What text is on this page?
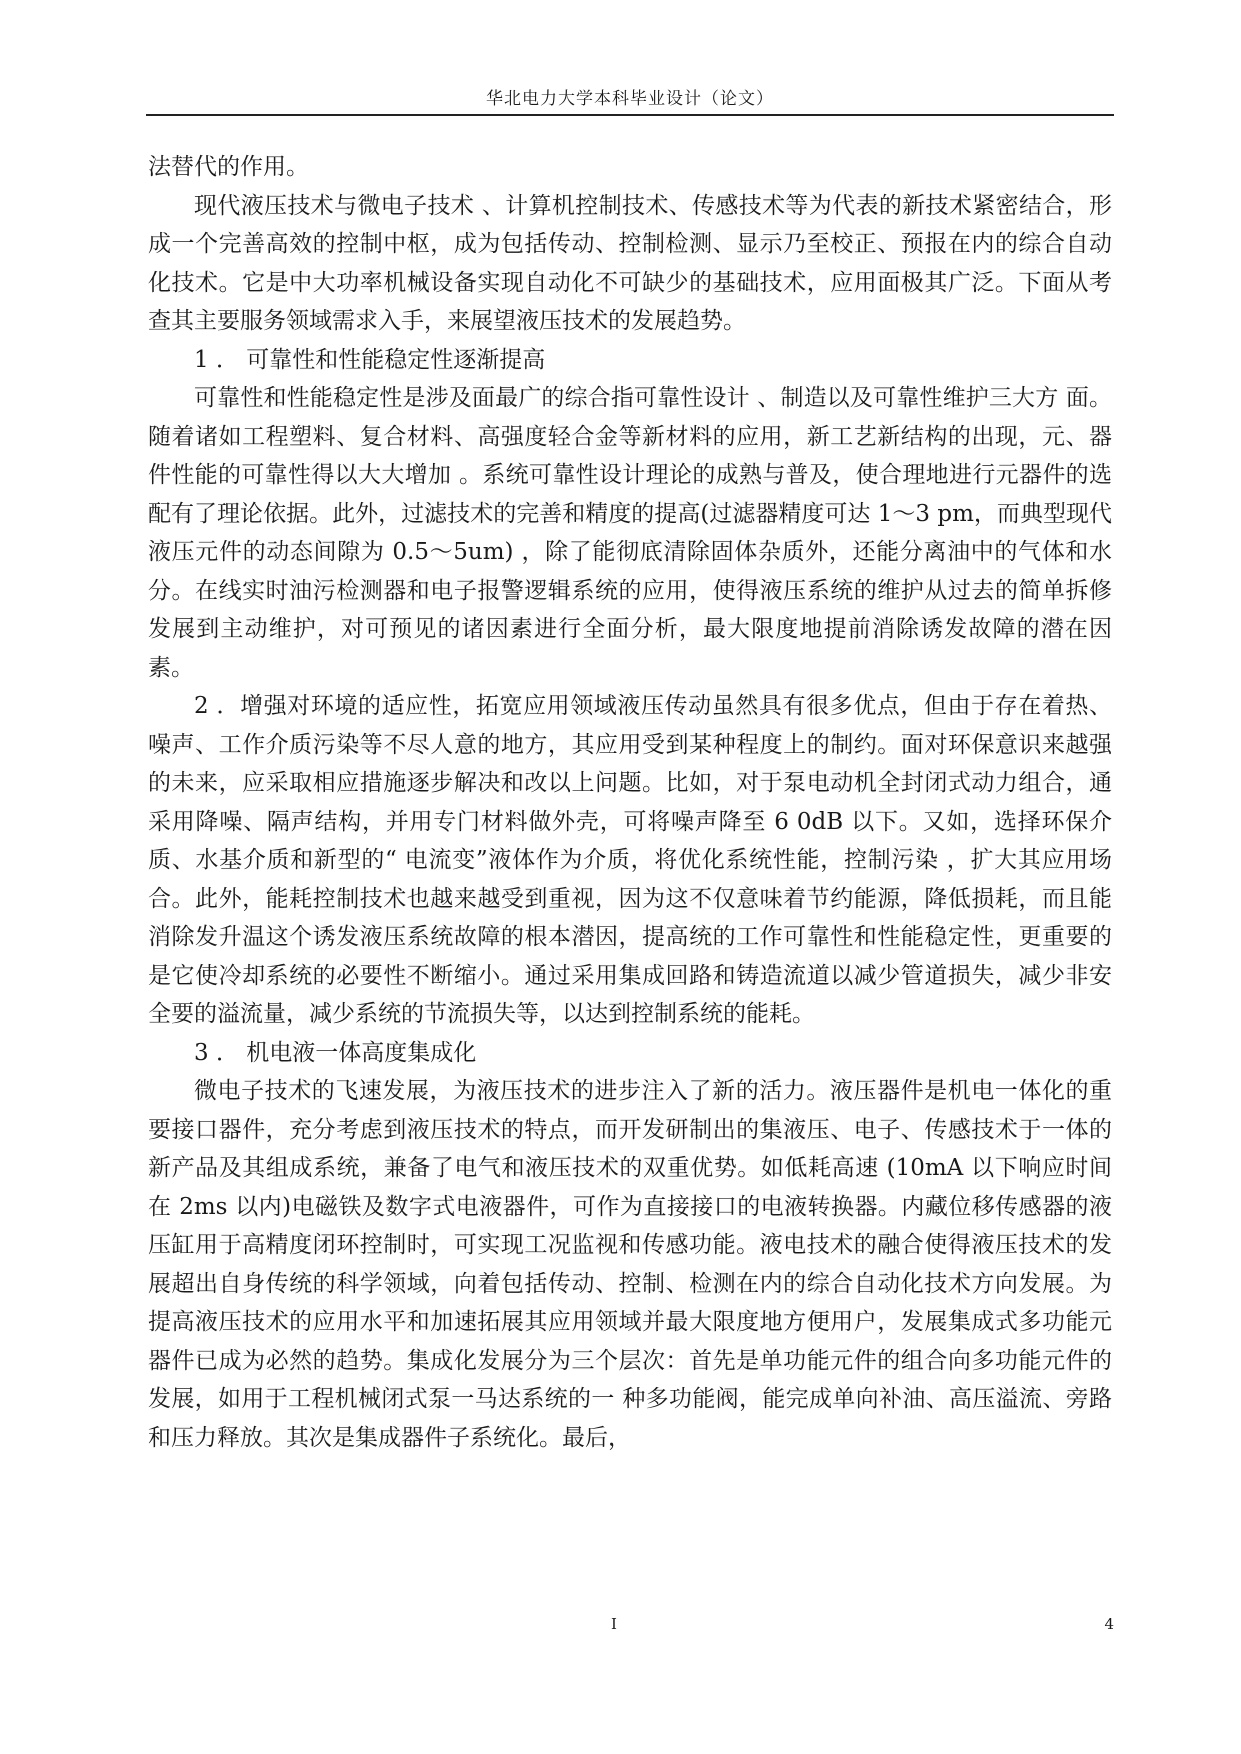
华北电力大学本科毕业设计（论文）

法替代的作用。

现代液压技术与微电子技术 、计算机控制技术、传感技术等为代表的新技术紧密结合，形成一个完善高效的控制中枢，成为包括传动、控制检测、显示乃至校正、预报在内的综合自动化技术。它是中大功率机械设备实现自动化不可缺少的基础技术，应用面极其广泛。下面从考查其主要服务领域需求入手，来展望液压技术的发展趋势。

1 ． 可靠性和性能稳定性逐渐提高

可靠性和性能稳定性是涉及面最广的综合指可靠性设计 、制造以及可靠性维护三大方 面。随着诸如工程塑料、复合材料、高强度轻合金等新材料的应用，新工艺新结构的出现，元、器件性能的可靠性得以大大增加 。系统可靠性设计理论的成熟与普及，使合理地进行元器件的选配有了理论依据。此外，过滤技术的完善和精度的提高(过滤器精度可达 1～3 pm，而典型现代液压元件的动态间隙为 0.5～5um) ，除了能彻底清除固体杂质外，还能分离油中的气体和水分。在线实时油污检测器和电子报警逻辑系统的应用，使得液压系统的维护从过去的简单拆修发展到主动维护，对可预见的诸因素进行全面分析，最大限度地提前消除诱发故障的潜在因素。

2 ．增强对环境的适应性，拓宽应用领域液压传动虽然具有很多优点，但由于存在着热、噪声、工作介质污染等不尽人意的地方，其应用受到某种程度上的制约。面对环保意识来越强的未来，应采取相应措施逐步解决和改以上问题。比如，对于泵电动机全封闭式动力组合，通采用降噪、隔声结构，并用专门材料做外壳，可将噪声降至 6 0dB 以下。又如，选择环保介质、水基介质和新型的“ 电流变”液体作为介质，将优化系统性能，控制污染 ，扩大其应用场合。此外，能耗控制技术也越来越受到重视，因为这不仅意味着节约能源，降低损耗，而且能消除发升温这个诱发液压系统故障的根本潜因，提高统的工作可靠性和性能稳定性，更重要的是它使冷却系统的必要性不断缩小。通过采用集成回路和铸造流道以减少管道损失，减少非安全要的溢流量，减少系统的节流损失等，以达到控制系统的能耗。

3 ． 机电液一体高度集成化

微电子技术的飞速发展，为液压技术的进步注入了新的活力。液压器件是机电一体化的重要接口器件，充分考虑到液压技术的特点，而开发研制出的集液压、电子、传感技术于一体的新产品及其组成系统，兼备了电气和液压技术的双重优势。如低耗高速 (10mA 以下响应时间在 2ms 以内)电磁铁及数字式电液器件，可作为直接接口的电液转换器。内藏位移传感器的液压缸用于高精度闭环控制时，可实现工况监视和传感功能。液电技术的融合使得液压技术的发展超出自身传统的科学领域，向着包括传动、控制、检测在内的综合自动化技术方向发展。为提高液压技术的应用水平和加速拓展其应用领域并最大限度地方便用户，发展集成式多功能元器件已成为必然的趋势。集成化发展分为三个层次：首先是单功能元件的组合向多功能元件的发展，如用于工程机械闭式泵一马达系统的一 种多功能阀，能完成单向补油、高压溢流、旁路和压力释放。其次是集成器件子系统化。最后，

I	4
